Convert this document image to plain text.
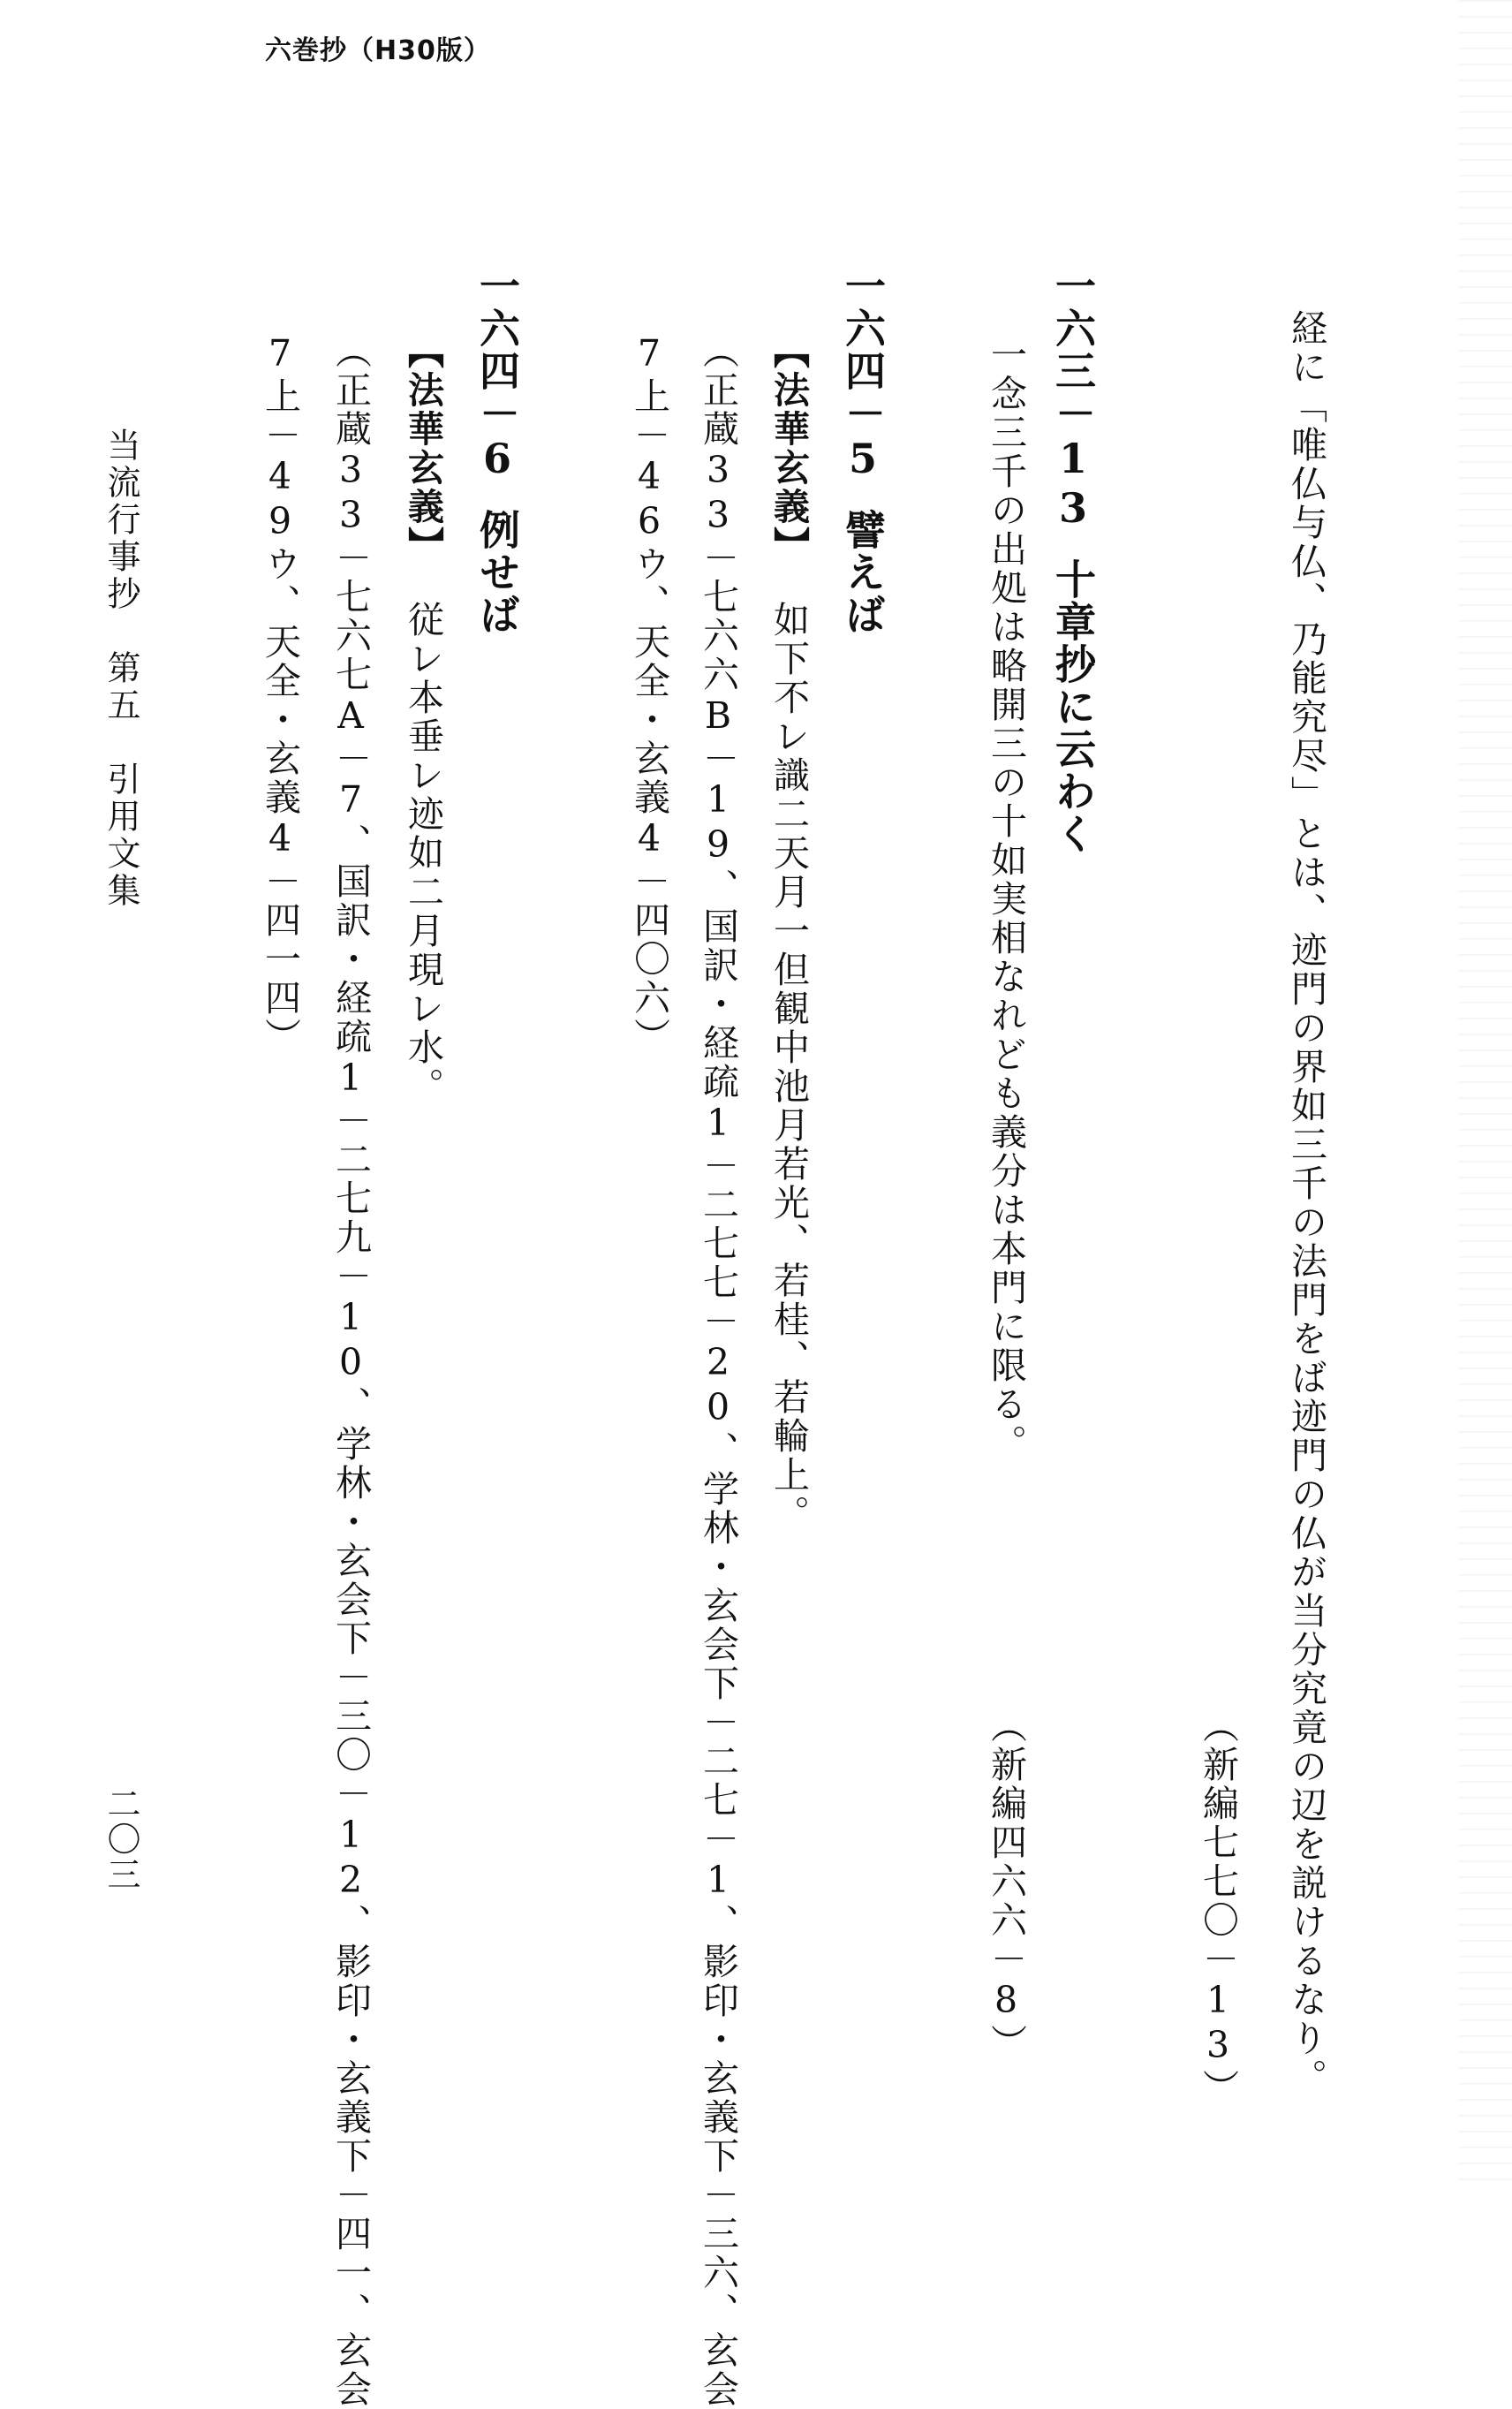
六巻抄（H30版）
経に「唯仏与仏、乃能究尽」とは、迹門の界如三千の法門をば迹門の仏が当分究竟の辺を説けるなり。
（新編七七〇－13）
一六三－13十章抄に云わく
一念三千の出処は略開三の十如実相なれども義分は本門に限る。
（新編四六六－8）
一六四－5譬えば
【法華玄義】如下不レ識二天月一但観中池月若光、若桂、若輪上。
（正蔵33－七六六B－19、国訳・経疏1－二七七－20、学林・玄会下－二七－1、影印・玄義下－三六、玄会
7上－46ウ、天全・玄義4－四〇六）
一六四－6例せば
【法華玄義】従レ本垂レ迹如二月現レ水。
（正蔵33－七六七A－7、国訳・経疏1－二七九－10、学林・玄会下－三〇－12、影印・玄義下－四一、玄会
7上－49ウ、天全・玄義4－四一四）
当流行事抄　第五　引用文集
二〇三
